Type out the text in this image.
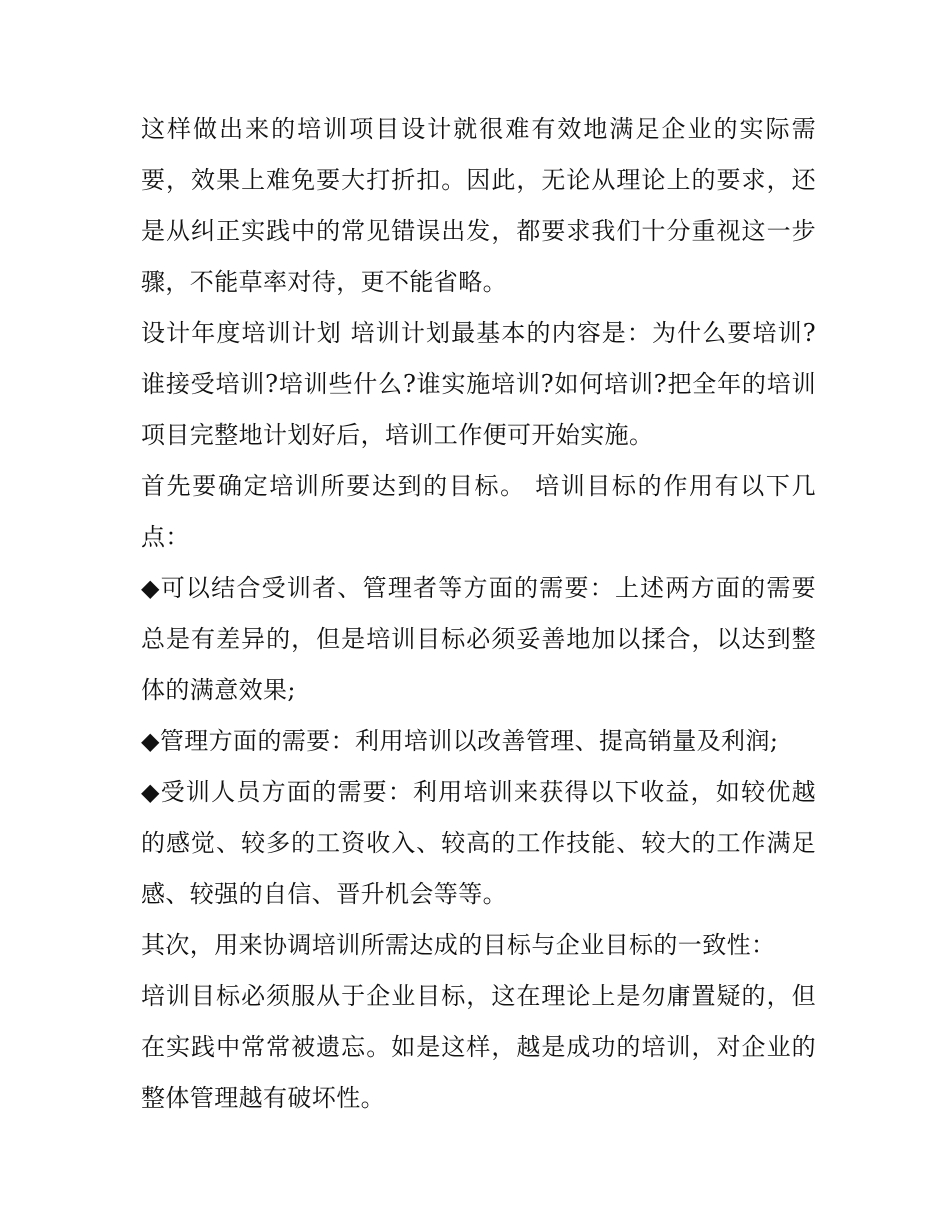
这样做出来的培训项目设计就很难有效地满足企业的实际需要，效果上难免要大打折扣。因此，无论从理论上的要求，还是从纠正实践中的常见错误出发，都要求我们十分重视这一步骤，不能草率对待，更不能省略。

设计年度培训计划 培训计划最基本的内容是：为什么要培训?谁接受培训?培训些什么?谁实施培训?如何培训?把全年的培训项目完整地计划好后，培训工作便可开始实施。

首先要确定培训所要达到的目标。 培训目标的作用有以下几点：

◆可以结合受训者、管理者等方面的需要：上述两方面的需要总是有差异的，但是培训目标必须妥善地加以揉合，以达到整体的满意效果;

◆管理方面的需要：利用培训以改善管理、提高销量及利润;

◆受训人员方面的需要：利用培训来获得以下收益，如较优越的感觉、较多的工资收入、较高的工作技能、较大的工作满足感、较强的自信、晋升机会等等。

其次，用来协调培训所需达成的目标与企业目标的一致性：

培训目标必须服从于企业目标，这在理论上是勿庸置疑的，但在实践中常常被遗忘。如是这样，越是成功的培训，对企业的整体管理越有破坏性。
